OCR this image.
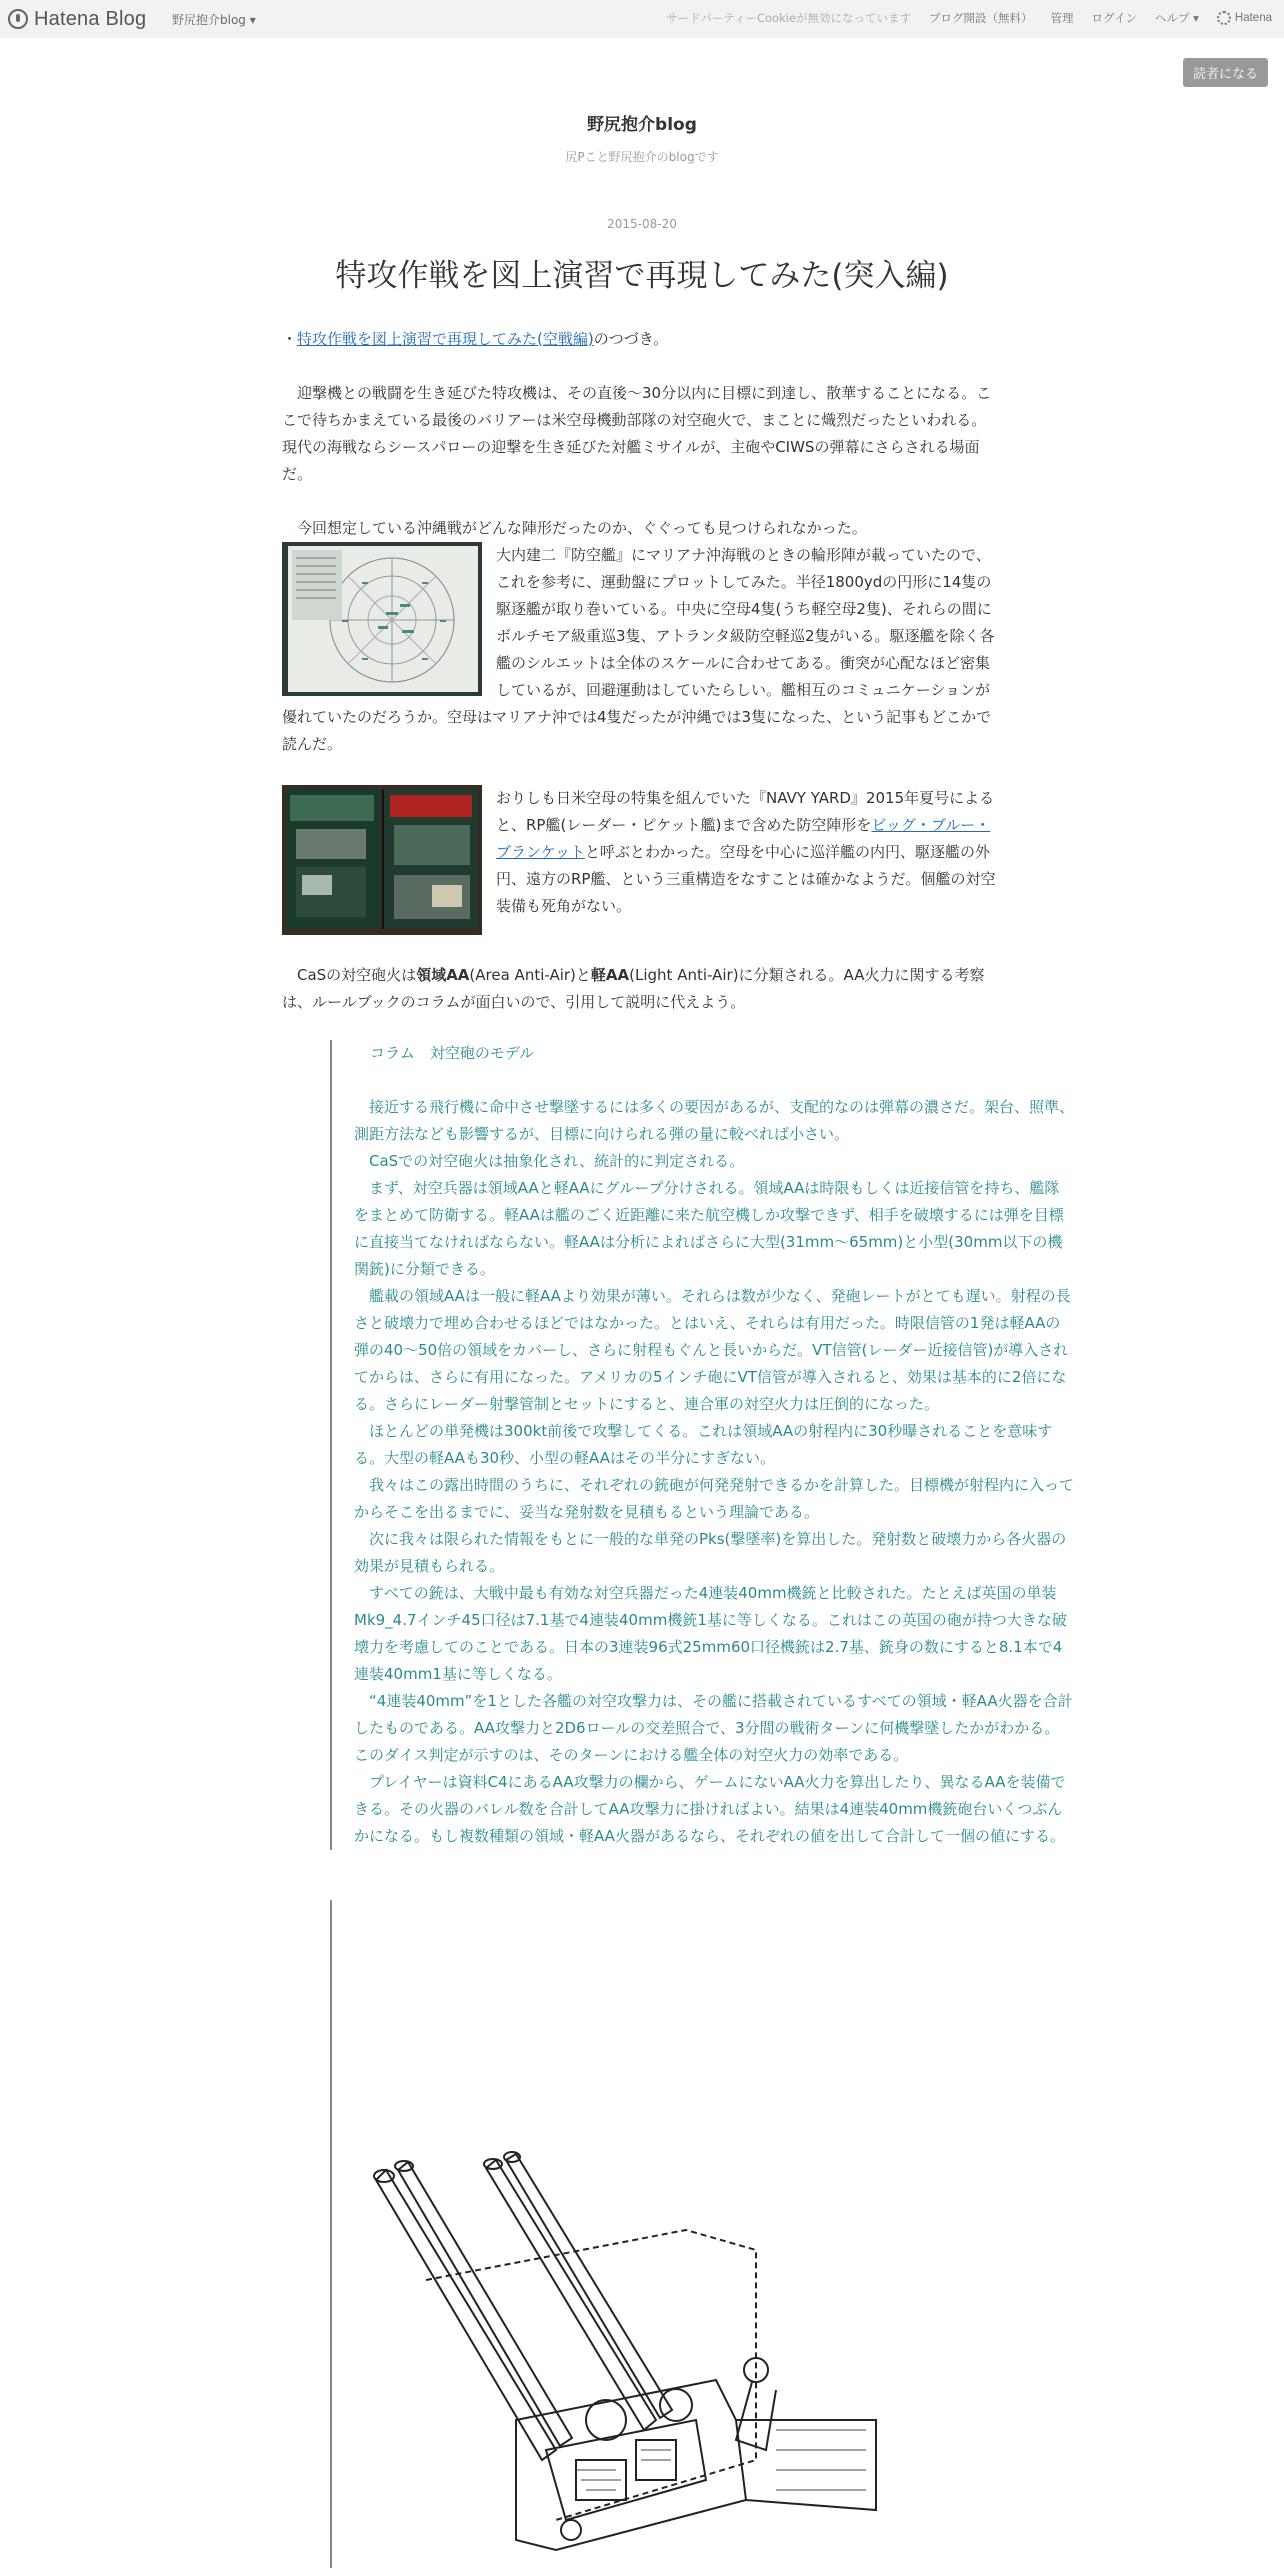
Hatena Blog 野尻抱介blog ▾	サードパーティーCookieが無効になっています ブログ開設（無料） 管理 ログイン ヘルプ ▾	Hatena
読者になる
野尻抱介blog
尻Pこと野尻抱介のblogです
2015-08-20
特攻作戦を図上演習で再現してみた(突入編)

・特攻作戦を図上演習で再現してみた(空戦編)のつづき。

迎撃機との戦闘を生き延びた特攻機は、その直後～30分以内に目標に到達し、散華することになる。ここで待ちかまえている最後のバリアーは米空母機動部隊の対空砲火で、まことに熾烈だったといわれる。現代の海戦ならシースパローの迎撃を生き延びた対艦ミサイルが、主砲やCIWSの弾幕にさらされる場面だ。

今回想定している沖縄戦がどんな陣形だったのか、ぐぐっても見つけられなかった。

大内建二『防空艦』にマリアナ沖海戦のときの輪形陣が載っていたので、これを参考に、運動盤にプロットしてみた。半径1800ydの円形に14隻の駆逐艦が取り巻いている。中央に空母4隻(うち軽空母2隻)、それらの間にボルチモア級重巡3隻、アトランタ級防空軽巡2隻がいる。駆逐艦を除く各艦のシルエットは全体のスケールに合わせてある。衝突が心配なほど密集しているが、回避運動はしていたらしい。艦相互のコミュニケーションが優れていたのだろうか。空母はマリアナ沖では4隻だったが沖縄では3隻になった、という記事もどこかで読んだ。

おりしも日米空母の特集を組んでいた『NAVY YARD』2015年夏号によると、RP艦(レーダー・ピケット艦)まで含めた防空陣形をビッグ・ブルー・ブランケットと呼ぶとわかった。空母を中心に巡洋艦の内円、駆逐艦の外円、遠方のRP艦、という三重構造をなすことは確かなようだ。個艦の対空装備も死角がない。

CaSの対空砲火は領域AA(Area Anti-Air)と軽AA(Light Anti-Air)に分類される。AA火力に関する考察は、ルールブックのコラムが面白いので、引用して説明に代えよう。

コラム　対空砲のモデル

接近する飛行機に命中させ撃墜するには多くの要因があるが、支配的なのは弾幕の濃さだ。架台、照準、測距方法なども影響するが、目標に向けられる弾の量に較べれば小さい。

CaSでの対空砲火は抽象化され、統計的に判定される。

まず、対空兵器は領域AAと軽AAにグループ分けされる。領域AAは時限もしくは近接信管を持ち、艦隊をまとめて防衛する。軽AAは艦のごく近距離に来た航空機しか攻撃できず、相手を破壊するには弾を目標に直接当てなければならない。軽AAは分析によればさらに大型(31mm～65mm)と小型(30mm以下の機関銃)に分類できる。

艦載の領域AAは一般に軽AAより効果が薄い。それらは数が少なく、発砲レートがとても遅い。射程の長さと破壊力で埋め合わせるほどではなかった。とはいえ、それらは有用だった。時限信管の1発は軽AAの弾の40～50倍の領域をカバーし、さらに射程もぐんと長いからだ。VT信管(レーダー近接信管)が導入されてからは、さらに有用になった。アメリカの5インチ砲にVT信管が導入されると、効果は基本的に2倍になる。さらにレーダー射撃管制とセットにすると、連合軍の対空火力は圧倒的になった。

ほとんどの単発機は300kt前後で攻撃してくる。これは領域AAの射程内に30秒曝されることを意味する。大型の軽AAも30秒、小型の軽AAはその半分にすぎない。

我々はこの露出時間のうちに、それぞれの銃砲が何発発射できるかを計算した。目標機が射程内に入ってからそこを出るまでに、妥当な発射数を見積もるという理論である。

次に我々は限られた情報をもとに一般的な単発のPks(撃墜率)を算出した。発射数と破壊力から各火器の効果が見積もられる。

すべての銃は、大戦中最も有効な対空兵器だった4連装40mm機銃と比較された。たとえば英国の単装Mk9_4.7インチ45口径は7.1基で4連装40mm機銃1基に等しくなる。これはこの英国の砲が持つ大きな破壊力を考慮してのことである。日本の3連装96式25mm60口径機銃は2.7基、銃身の数にすると8.1本で4連装40mm1基に等しくなる。

“4連装40mm”を1とした各艦の対空攻撃力は、その艦に搭載されているすべての領域・軽AA火器を合計したものである。AA攻撃力と2D6ロールの交差照合で、3分間の戦術ターンに何機撃墜したかがわかる。このダイス判定が示すのは、そのターンにおける艦全体の対空火力の効率である。

プレイヤーは資料C4にあるAA攻撃力の欄から、ゲームにないAA火力を算出したり、異なるAAを装備できる。その火器のバレル数を合計してAA攻撃力に掛ければよい。結果は4連装40mm機銃砲台いくつぶんかになる。もし複数種類の領域・軽AA火器があるなら、それぞれの値を出して合計して一個の値にする。
